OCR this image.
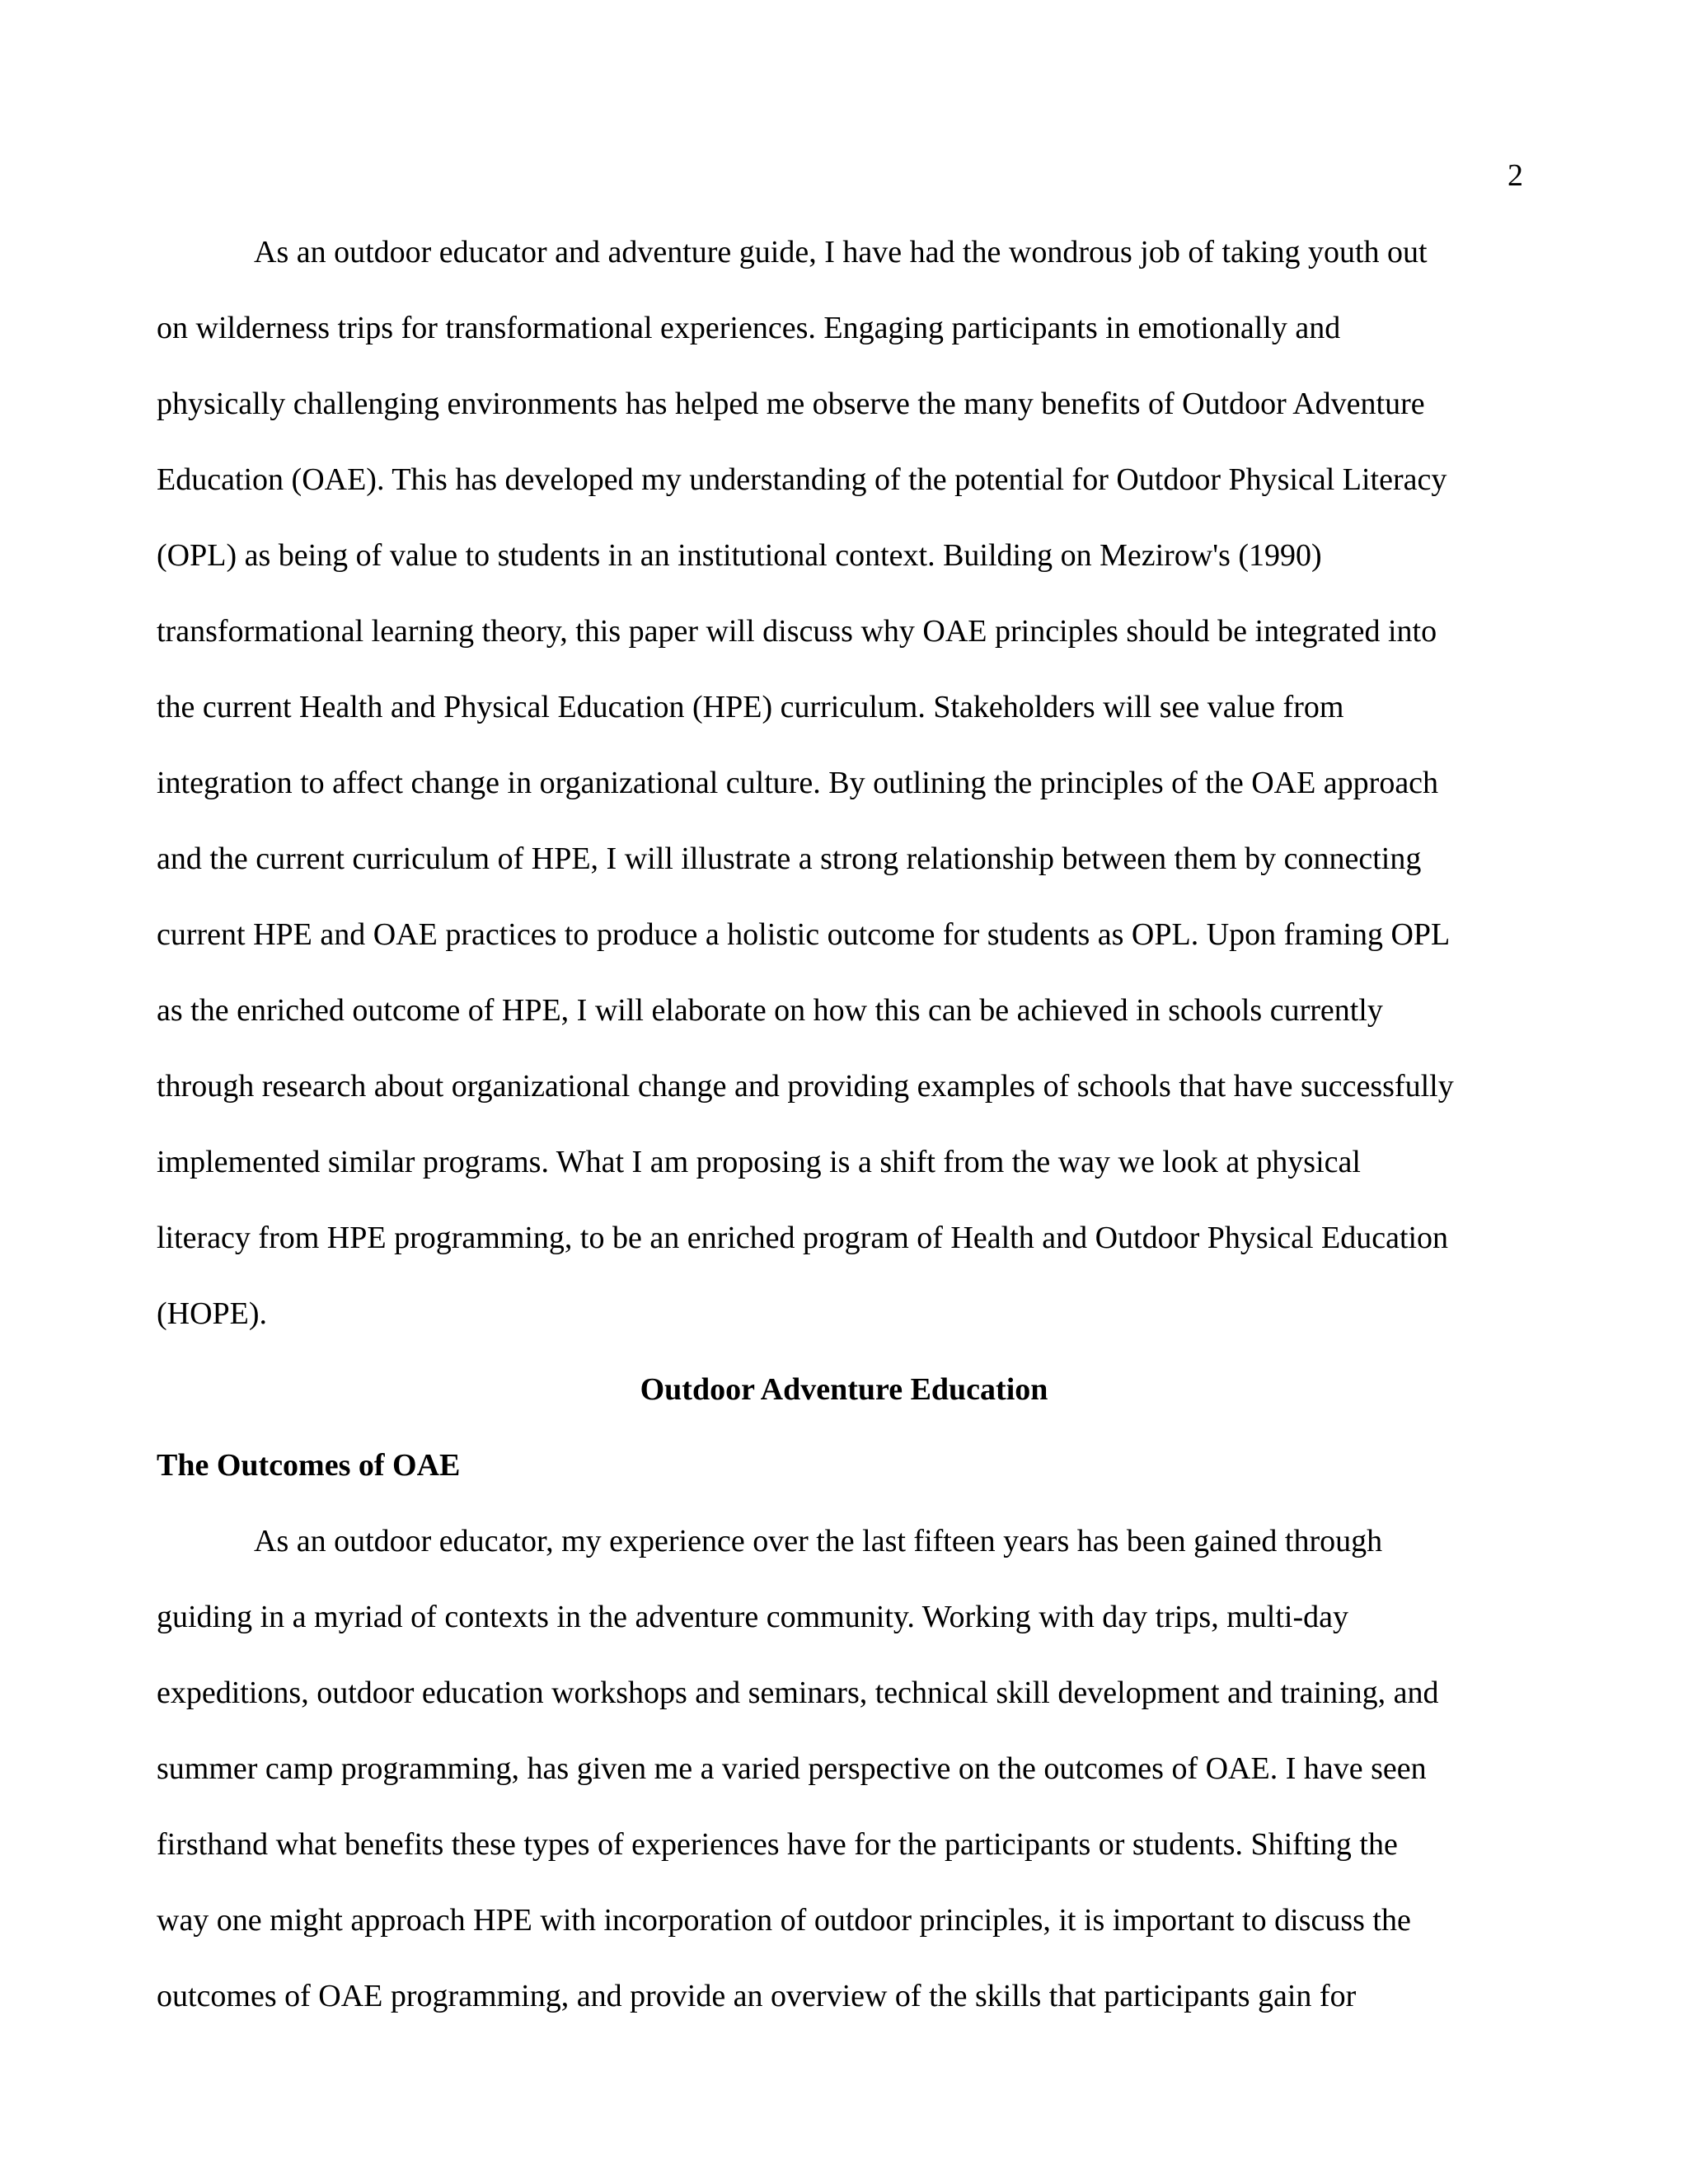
2
As an outdoor educator and adventure guide, I have had the wondrous job of taking youth out
on wilderness trips for transformational experiences. Engaging participants in emotionally and
physically challenging environments has helped me observe the many benefits of Outdoor Adventure
Education (OAE). This has developed my understanding of the potential for Outdoor Physical Literacy
(OPL) as being of value to students in an institutional context. Building on Mezirow's (1990)
transformational learning theory, this paper will discuss why OAE principles should be integrated into
the current Health and Physical Education (HPE) curriculum. Stakeholders will see value from
integration to affect change in organizational culture. By outlining the principles of the OAE approach
and the current curriculum of HPE, I will illustrate a strong relationship between them by connecting
current HPE and OAE practices to produce a holistic outcome for students as OPL. Upon framing OPL
as the enriched outcome of HPE, I will elaborate on how this can be achieved in schools currently
through research about organizational change and providing examples of schools that have successfully
implemented similar programs. What I am proposing is a shift from the way we look at physical
literacy from HPE programming, to be an enriched program of Health and Outdoor Physical Education
(HOPE).
Outdoor Adventure Education
The Outcomes of OAE
As an outdoor educator, my experience over the last fifteen years has been gained through
guiding in a myriad of contexts in the adventure community. Working with day trips, multi-day
expeditions, outdoor education workshops and seminars, technical skill development and training, and
summer camp programming, has given me a varied perspective on the outcomes of OAE. I have seen
firsthand what benefits these types of experiences have for the participants or students. Shifting the
way one might approach HPE with incorporation of outdoor principles, it is important to discuss the
outcomes of OAE programming, and provide an overview of the skills that participants gain for
